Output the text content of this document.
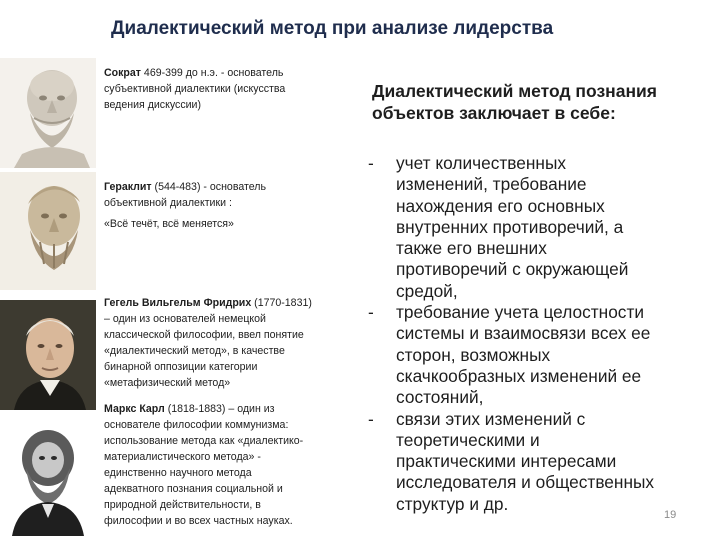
Диалектический метод при анализе лидерства
Сократ 469-399 до н.э. - основатель
субъективной диалектики (искусства
ведения дискуссии)
Гераклит (544-483) - основатель
объективной диалектики :
«Всё течёт, всё меняется»
Гегель Вильгельм Фридрих (1770-1831)
– один из основателей немецкой
классической философии, ввел понятие
«диалектический метод», в качестве
бинарной оппозиции категории
«метафизический метод»
Маркс Карл (1818-1883) – один из
основателе философии коммунизма:
использование метода как «диалектико-
материалистического метода» -
единственно научного метода
адекватного познания социальной и
природной действительности, в
философии и во всех частных науках.
Диалектический метод познания
объектов заключает в себе:
- учет количественных
изменений, требование
нахождения его основных
внутренних противоречий, а
также его внешних
противоречий с окружающей
средой,
- требование учета целостности
системы и взаимосвязи всех ее
сторон, возможных
скачкообразных изменений ее
состояний,
- связи этих изменений с
теоретическими и
практическими интересами
исследователя и общественных
структур и др.
19
